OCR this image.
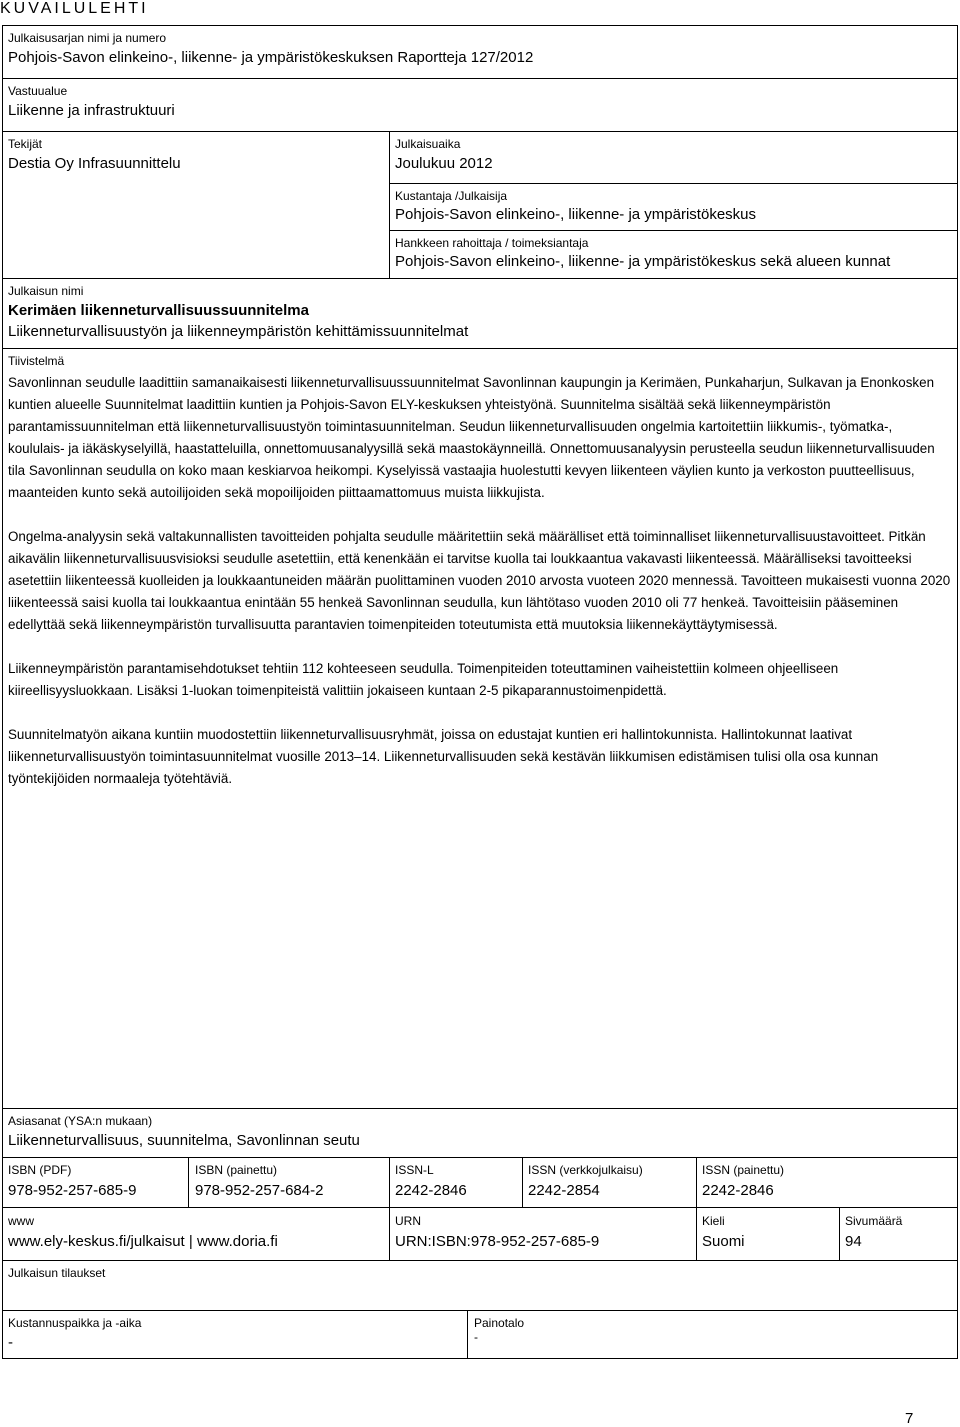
KUVAILULEHTI
Julkaisusarjan nimi ja numero
Pohjois-Savon elinkeino-, liikenne- ja ympäristökeskuksen Raportteja 127/2012
Vastuualue
Liikenne ja infrastruktuuri
Tekijät
Destia Oy Infrasuunnittelu
Julkaisuaika
Joulukuu 2012
Kustantaja /Julkaisija
Pohjois-Savon elinkeino-, liikenne- ja ympäristökeskus
Hankkeen rahoittaja / toimeksiantaja
Pohjois-Savon elinkeino-, liikenne- ja ympäristökeskus sekä alueen kunnat
Julkaisun nimi
Kerimäen liikenneturvallisuussuunnitelma
Liikenneturvallisuustyön ja liikenneympäristön kehittämissuunnitelmat
Tiivistelmä

Savonlinnan seudulle laadittiin samanaikaisesti liikenneturvallisuussuunnitelmat Savonlinnan kaupungin ja Kerimäen, Punkaharjun, Sulkavan ja Enonkosken kuntien alueelle Suunnitelmat laadittiin kuntien ja Pohjois-Savon ELY-keskuksen yhteistyönä. Suunnitelma sisältää sekä liikenneympäristön parantamissuunnitelman että liikenneturvallisuustyön toimintasuunnitelman. Seudun liikenneturvallisuuden ongelmia kartoitettiin liikkumis-, työmatka-, koululais- ja iäkäskyselyillä, haastatteluilla, onnettomuusanalyysillä sekä maastokäynneillä. Onnettomuusanalyysin perusteella seudun liikenneturvallisuuden tila Savonlinnan seudulla on koko maan keskiarvoa heikompi. Kyselyissä vastaajia huolestutti kevyen liikenteen väylien kunto ja verkoston puutteellisuus, maanteiden kunto sekä autoilijoiden sekä mopoilijoiden piittaamattomuus muista liikkujista.

Ongelma-analyysin sekä valtakunnallisten tavoitteiden pohjalta seudulle määritettiin sekä määrälliset että toiminnalliset liikenneturvallisuustavoitteet. Pitkän aikavälin liikenneturvallisuusvisioksi seudulle asetettiin, että kenenkään ei tarvitse kuolla tai loukkaantua vakavasti liikenteessä. Määrälliseksi tavoitteeksi asetettiin liikenteessä kuolleiden ja loukkaantuneiden määrän puolittaminen vuoden 2010 arvosta vuoteen 2020 mennessä. Tavoitteen mukaisesti vuonna 2020 liikenteessä saisi kuolla tai loukkaantua enintään 55 henkeä Savonlinnan seudulla, kun lähtötaso vuoden 2010 oli 77 henkeä. Tavoitteisiin pääseminen edellyttää sekä liikenneympäristön turvallisuutta parantavien toimenpiteiden toteutumista että muutoksia liikennekäyttäytymisessä.

Liikenneympäristön parantamisehdotukset tehtiin 112 kohteeseen seudulla. Toimenpiteiden toteuttaminen vaiheistettiin kolmeen ohjeelliseen kiireellisyysluokkaan. Lisäksi 1-luokan toimenpiteistä valittiin jokaiseen kuntaan 2-5 pikaparannustoimenpidettä.

Suunnitelmatyön aikana kuntiin muodostettiin liikenneturvallisuusryhmät, joissa on edustajat kuntien eri hallintokunnista. Hallintokunnat laativat liikenneturvallisuustyön toimintasuunnitelmat vuosille 2013–14. Liikenneturvallisuuden sekä kestävän liikkumisen edistämisen tulisi olla osa kunnan työntekijöiden normaaleja työtehtäviä.

Asiasanat (YSA:n mukaan)
Liikenneturvallisuus, suunnitelma, Savonlinnan seutu
ISBN (PDF)
978-952-257-685-9
ISBN (painettu)
978-952-257-684-2
ISSN-L
2242-2846
ISSN (verkkojulkaisu)
2242-2854
ISSN (painettu)
2242-2846
www
www.ely-keskus.fi/julkaisut | www.doria.fi
URN
URN:ISBN:978-952-257-685-9
Kieli
Suomi
Sivumäärä
94
Julkaisun tilaukset
Kustannuspaikka ja -aika
-
Painotalo
-
7
